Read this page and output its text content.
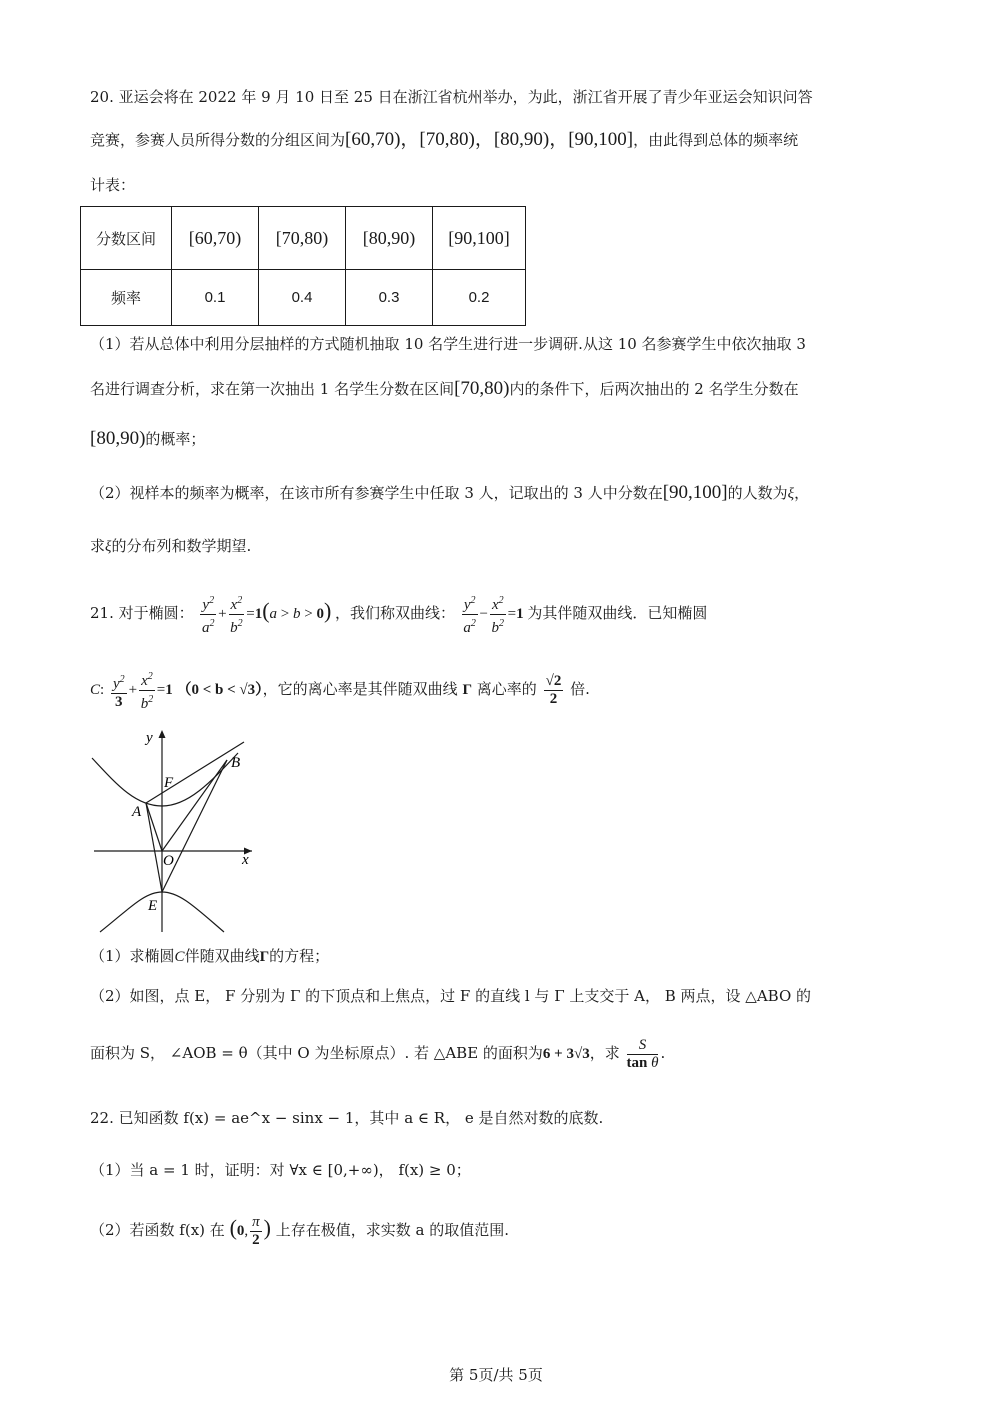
20. 亚运会将在 2022 年 9 月 10 日至 25 日在浙江省杭州举办，为此，浙江省开展了青少年亚运会知识问答
竞赛，参赛人员所得分数的分组区间为[60,70)，[70,80)，[80,90)，[90,100]，由此得到总体的频率统
计表：
分数区间	[60,70)	[70,80)	[80,90)	[90,100]
频率	0.1	0.4	0.3	0.2
（1）若从总体中利用分层抽样的方式随机抽取 10 名学生进行进一步调研.从这 10 名参赛学生中依次抽取 3
名进行调查分析，求在第一次抽出 1 名学生分数在区间[70,80)内的条件下，后两次抽出的 2 名学生分数在
[80,90)的概率；
（2）视样本的频率为概率，在该市所有参赛学生中任取 3 人，记取出的 3 人中分数在[90,100]的人数为ξ，
求ξ的分布列和数学期望.
21. 对于椭圆： $\frac{y^2}{a^2} + \frac{x^2}{b^2} =1(a > b > 0)$ ，我们称双曲线： $\frac{y^2}{a^2} - \frac{x^2}{b^2} =1$ 为其伴随双曲线．已知椭圆
C: $\frac{y^2}{3} + \frac{x^2}{b^2} =1$ （0 < b < √3），它的离心率是其伴随双曲线 Γ 离心率的 $\frac{√2}{2}$ 倍.
y
x
F
B
A
O
E
（1）求椭圆C伴随双曲线Γ的方程；
（2）如图，点 E， F 分别为 Γ 的下顶点和上焦点，过 F 的直线 l 与 Γ 上支交于 A， B 两点，设 △ABO 的
面积为 S， ∠AOB = θ（其中 O 为坐标原点）. 若 △ABE 的面积为6 + 3√3，求 $\frac{S}{\text{tan θ}}$ .
22. 已知函数 f(x) = ae^x − sinx − 1，其中 a ∈ R， e 是自然对数的底数.
（1）当 a = 1 时，证明：对 ∀x ∈ [0,+∞)， f(x) ≥ 0；
（2）若函数 f(x) 在 (0, $\frac{\pi}{2}$ ) 上存在极值，求实数 a 的取值范围.
第 5页/共 5页
